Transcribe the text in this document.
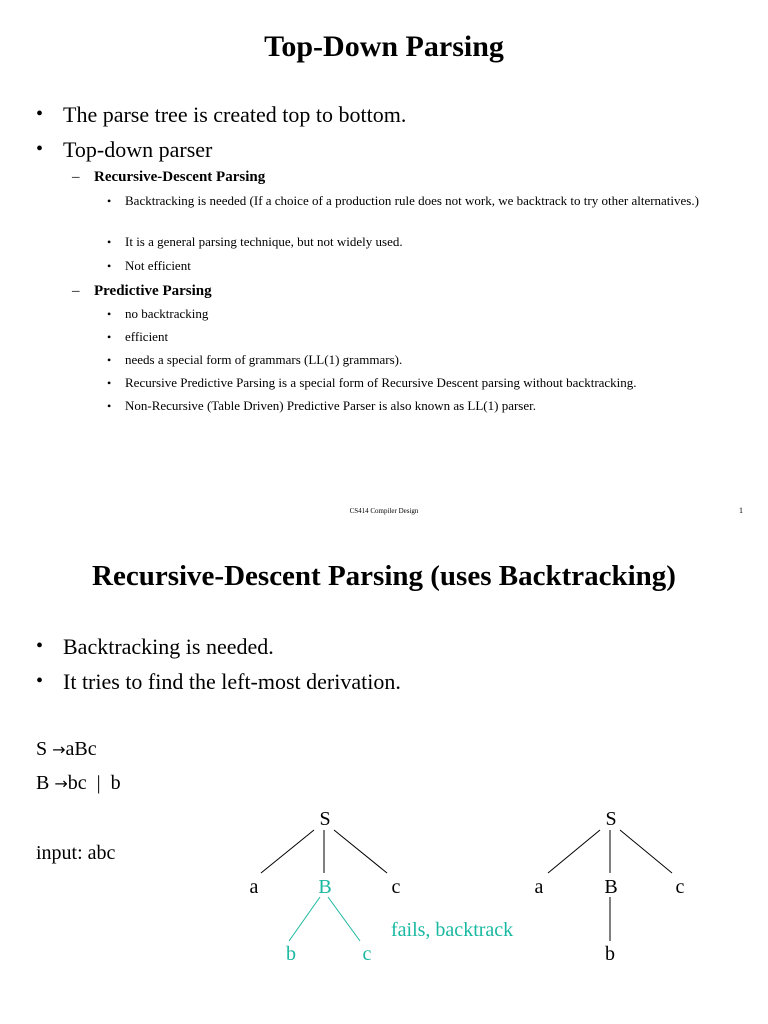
Top-Down Parsing
• The parse tree is created top to bottom.
• Top-down parser
– Recursive-Descent Parsing
• Backtracking is needed (If a choice of a production rule does not work, we backtrack to try other alternatives.)
• It is a general parsing technique, but not widely used.
• Not efficient
– Predictive Parsing
• no backtracking
• efficient
• needs a special form of grammars (LL(1) grammars).
• Recursive Predictive Parsing is a special form of Recursive Descent parsing without backtracking.
• Non-Recursive (Table Driven) Predictive Parser is also known as LL(1) parser.
CS414 Compiler Design	1
Recursive-Descent Parsing (uses Backtracking)
• Backtracking is needed.
• It tries to find the left-most derivation.
S →aBc
B →bc  |  b
input: abc
S
a	B	c
b	c
fails, backtrack
S
a	B	c
b
